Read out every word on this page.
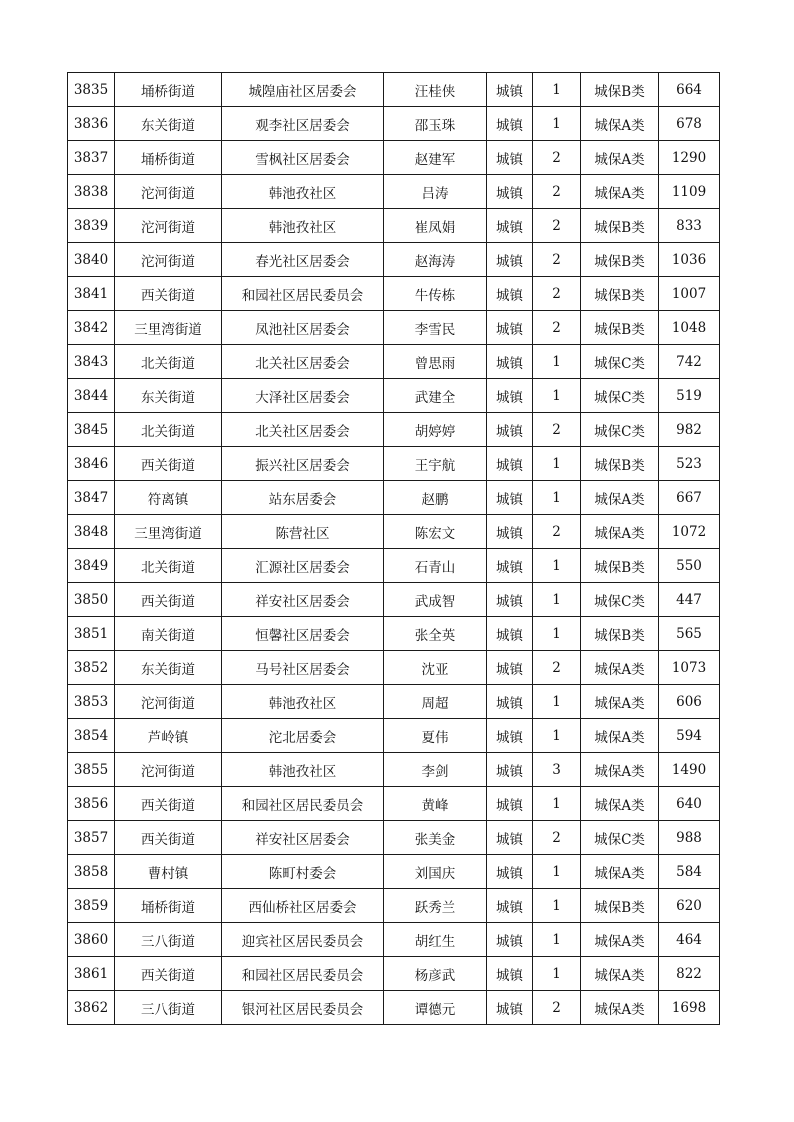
3835	埇桥街道	城隍庙社区居委会	汪桂侠	城镇	1	城保B类	664
3836	东关街道	观李社区居委会	邵玉珠	城镇	1	城保A类	678
3837	埇桥街道	雪枫社区居委会	赵建军	城镇	2	城保A类	1290
3838	沱河街道	韩池孜社区	吕涛	城镇	2	城保A类	1109
3839	沱河街道	韩池孜社区	崔凤娟	城镇	2	城保B类	833
3840	沱河街道	春光社区居委会	赵海涛	城镇	2	城保B类	1036
3841	西关街道	和园社区居民委员会	牛传栋	城镇	2	城保B类	1007
3842	三里湾街道	凤池社区居委会	李雪民	城镇	2	城保B类	1048
3843	北关街道	北关社区居委会	曾思雨	城镇	1	城保C类	742
3844	东关街道	大泽社区居委会	武建全	城镇	1	城保C类	519
3845	北关街道	北关社区居委会	胡婷婷	城镇	2	城保C类	982
3846	西关街道	振兴社区居委会	王宇航	城镇	1	城保B类	523
3847	符离镇	站东居委会	赵鹏	城镇	1	城保A类	667
3848	三里湾街道	陈营社区	陈宏文	城镇	2	城保A类	1072
3849	北关街道	汇源社区居委会	石青山	城镇	1	城保B类	550
3850	西关街道	祥安社区居委会	武成智	城镇	1	城保C类	447
3851	南关街道	恒馨社区居委会	张全英	城镇	1	城保B类	565
3852	东关街道	马号社区居委会	沈亚	城镇	2	城保A类	1073
3853	沱河街道	韩池孜社区	周超	城镇	1	城保A类	606
3854	芦岭镇	沱北居委会	夏伟	城镇	1	城保A类	594
3855	沱河街道	韩池孜社区	李剑	城镇	3	城保A类	1490
3856	西关街道	和园社区居民委员会	黄峰	城镇	1	城保A类	640
3857	西关街道	祥安社区居委会	张美金	城镇	2	城保C类	988
3858	曹村镇	陈町村委会	刘国庆	城镇	1	城保A类	584
3859	埇桥街道	西仙桥社区居委会	跃秀兰	城镇	1	城保B类	620
3860	三八街道	迎宾社区居民委员会	胡红生	城镇	1	城保A类	464
3861	西关街道	和园社区居民委员会	杨彦武	城镇	1	城保A类	822
3862	三八街道	银河社区居民委员会	谭德元	城镇	2	城保A类	1698
